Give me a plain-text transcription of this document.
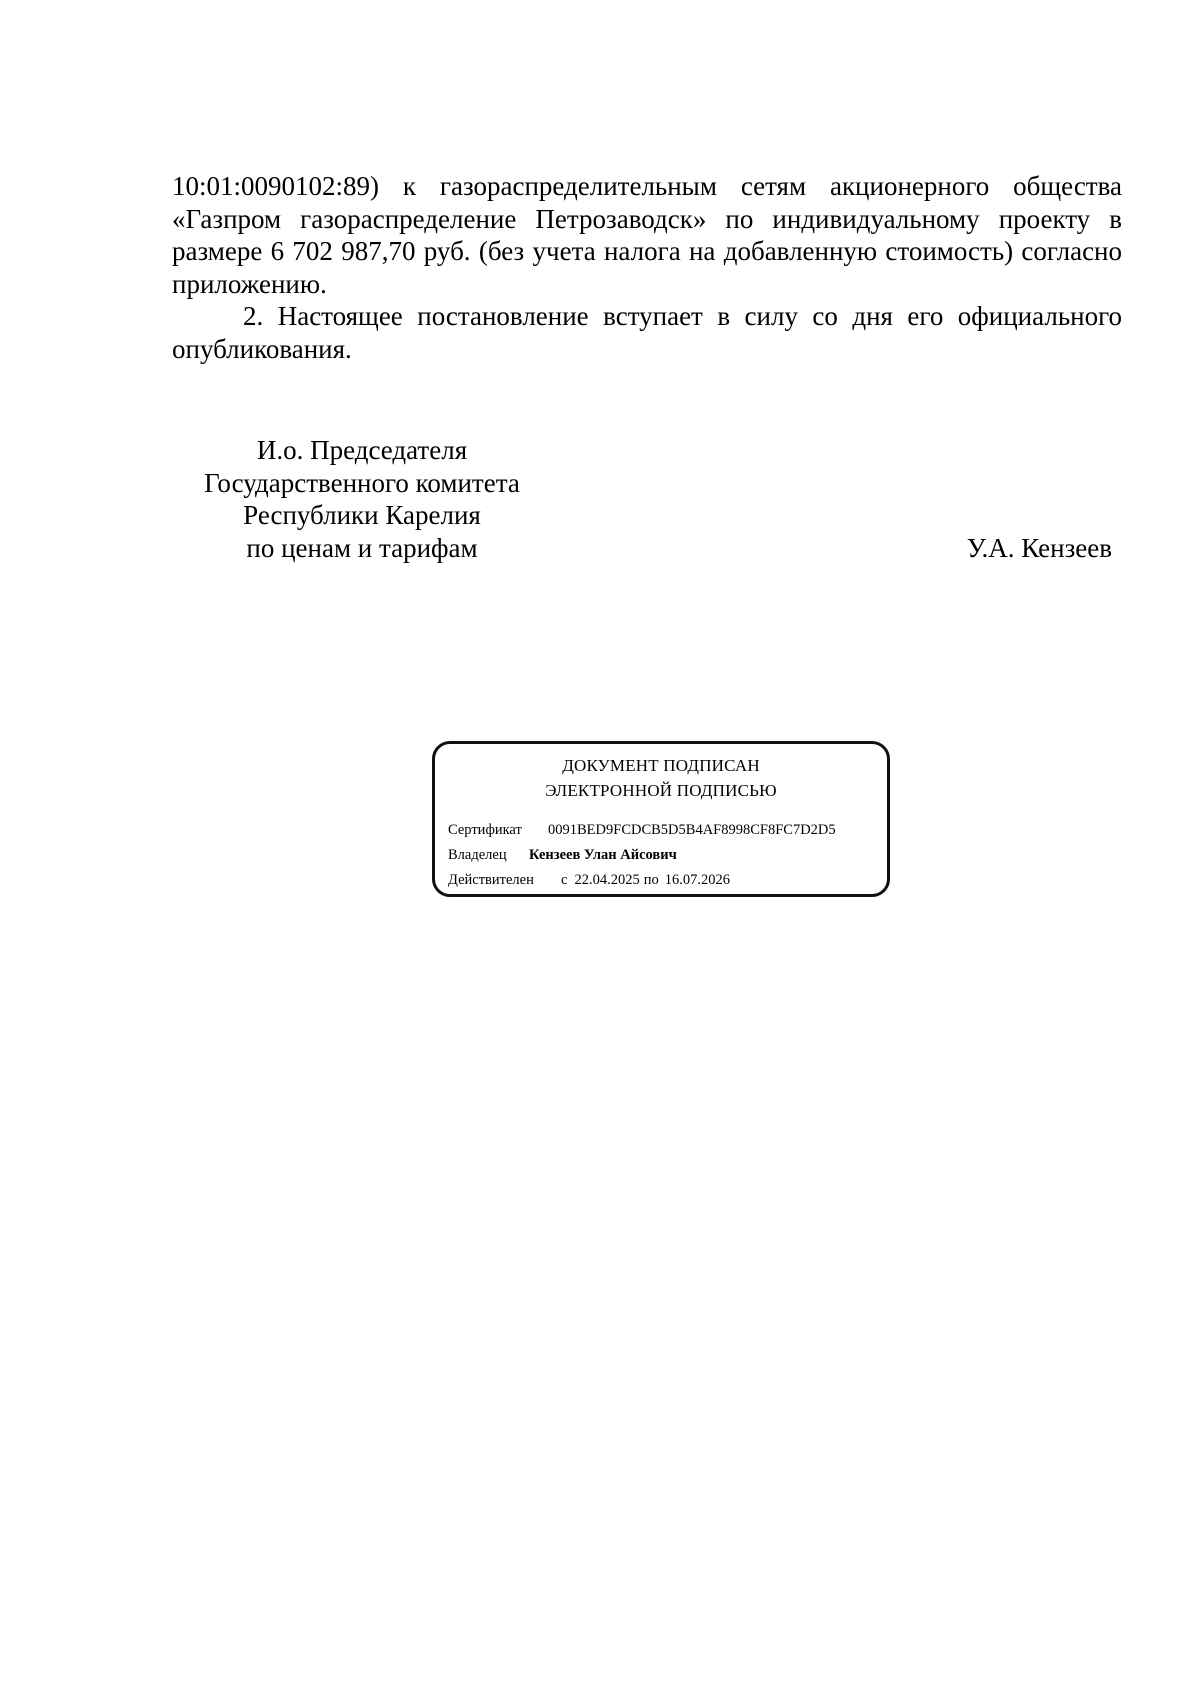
10:01:0090102:89) к газораспределительным сетям акционерного общества «Газпром газораспределение Петрозаводск» по индивидуальному проекту в размере 6 702 987,70 руб. (без учета налога на добавленную стоимость) согласно приложению.

2. Настоящее постановление вступает в силу со дня его официального опубликования.

И.о. Председателя
Государственного комитета
Республики Карелия
по ценам и тарифам	У.А. Кензеев
ДОКУМЕНТ ПОДПИСАН
ЭЛЕКТРОННОЙ ПОДПИСЬЮ
Сертификат 0091BED9FCDCB5D5B4AF8998CF8FC7D2D5
Владелец Кензеев Улан Айсович
Действителен с 22.04.2025 по 16.07.2026
